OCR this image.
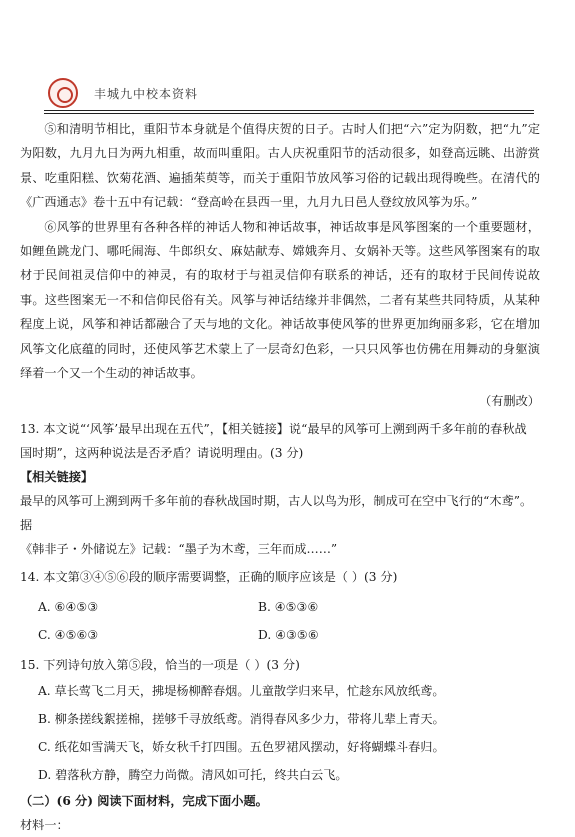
丰城九中校本资料

⑤和清明节相比，重阳节本身就是个值得庆贺的日子。古时人们把“六”定为阴数，把“九”定为阳数，九月九日为两九相重，故而叫重阳。古人庆祝重阳节的活动很多，如登高远眺、出游赏景、吃重阳糕、饮菊花酒、遍插茱萸等，而关于重阳节放风筝习俗的记载出现得晚些。在清代的《广西通志》卷十五中有记载：“登高岭在县西一里，九月九日邑人登纹放风筝为乐。”

⑥风筝的世界里有各种各样的神话人物和神话故事，神话故事是风筝图案的一个重要题材，如鲤鱼跳龙门、哪吒闹海、牛郎织女、麻姑献寿、嫦娥奔月、女娲补天等。这些风筝图案有的取材于民间祖灵信仰中的神灵，有的取材于与祖灵信仰有联系的神话，还有的取材于民间传说故事。这些图案无一不和信仰民俗有关。风筝与神话结缘并非偶然，二者有某些共同特质，从某种程度上说，风筝和神话都融合了天与地的文化。神话故事使风筝的世界更加绚丽多彩，它在增加风筝文化底蕴的同时，还使风筝艺术蒙上了一层奇幻色彩，一只只风筝也仿佛在用舞动的身躯演绎着一个又一个生动的神话故事。

（有删改）

13. 本文说“‘风筝’最早出现在五代”，【相关链接】说“最早的风筝可上溯到两千多年前的春秋战

国时期”，这两种说法是否矛盾？请说明理由。(3 分)

【相关链接】

最早的风筝可上溯到两千多年前的春秋战国时期，古人以鸟为形，制成可在空中飞行的“木鸢”。据

《韩非子・外储说左》记载：“墨子为木鸢，三年而成……”

14. 本文第③④⑤⑥段的顺序需要调整，正确的顺序应该是（ ）(3 分)

A. ⑥④⑤③	B. ④⑤③⑥
C. ④⑤⑥③	D. ④③⑤⑥

15. 下列诗句放入第⑤段，恰当的一项是（ ）(3 分)

A. 草长莺飞二月天，拂堤杨柳醉春烟。儿童散学归来早，忙趁东风放纸鸢。

B. 柳条搓线絮搓棉，搓够千寻放纸鸢。消得春风多少力，带将儿辈上青天。

C. 纸花如雪满天飞，娇女秋千打四围。五色罗裙风摆动，好将蝴蝶斗春归。

D. 碧落秋方静，腾空力尚微。清风如可托，终共白云飞。

（二）(6 分) 阅读下面材料，完成下面小题。

材料一：
